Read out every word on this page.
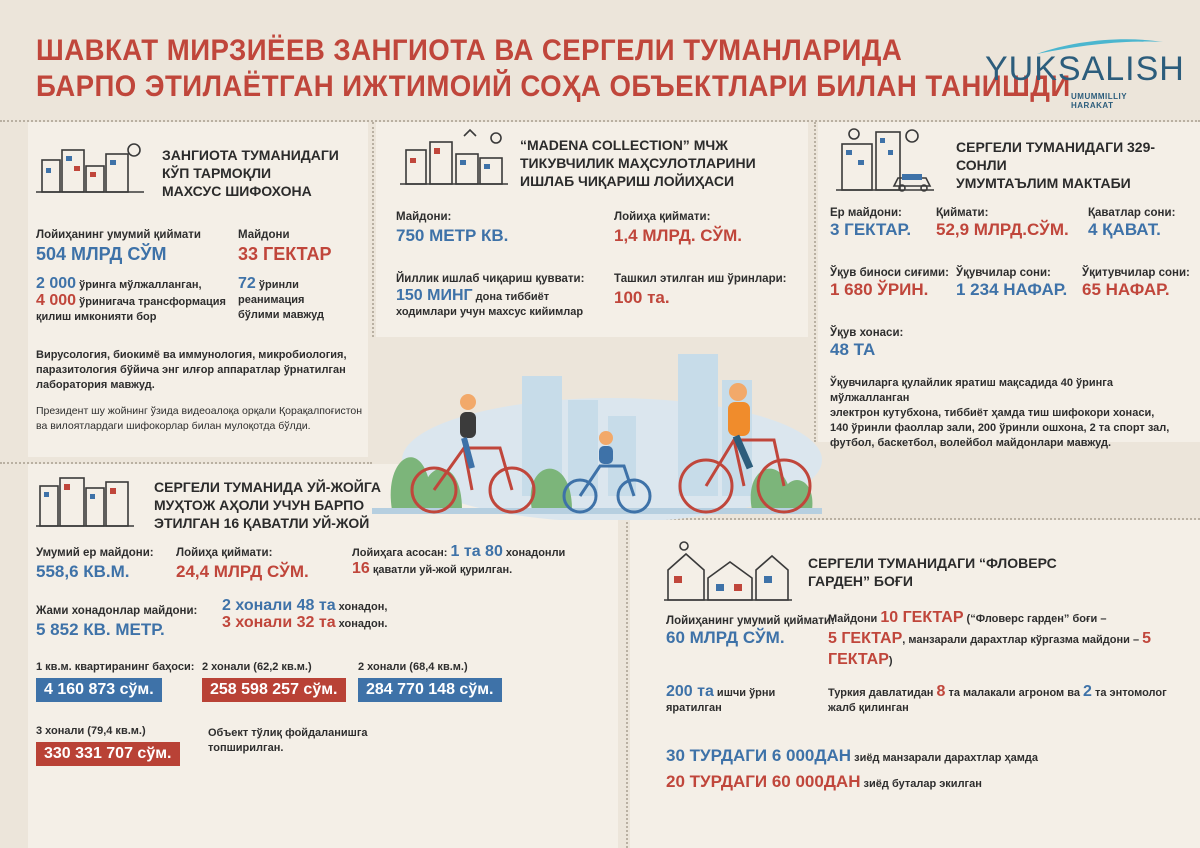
ШАВКАТ МИРЗИЁЕВ ЗАНГИОТА ВА СЕРГЕЛИ ТУМАНЛАРИДА
БАРПО ЭТИЛАЁТГАН ИЖТИМОИЙ СОҲА ОБЪЕКТЛАРИ БИЛАН ТАНИШДИ
YUKSALISH
UMUMMILLIY HARAKAT
ЗАНГИОТА ТУМАНИДАГИ
КЎП ТАРМОҚЛИ
МАХСУС ШИФОХОНА
Лойиҳанинг умумий қиймати
504 МЛРД СЎМ
Майдони
33 ГЕКТАР
2 000 ўринга мўлжалланган,
4 000 ўринигача трансформация
қилиш имконияти бор
72 ўринли реанимация
бўлими мавжуд
Вирусология, биокимё ва иммунология, микробиология,
паразитология бўйича энг илғор аппаратлар ўрнатилган
лаборатория мавжуд.
Президент шу жойнинг ўзида видеоалоқа орқали Қорақалпоғистон
ва вилоятлардаги шифокорлар билан мулоқотда бўлди.
“MADENA COLLECTION” МЧЖ
ТИКУВЧИЛИК МАҲСУЛОТЛАРИНИ
ИШЛАБ ЧИҚАРИШ ЛОЙИҲАСИ
Майдони:
750 МЕТР КВ.
Лойиҳа қиймати:
1,4 МЛРД. СЎМ.
Йиллик ишлаб чиқариш қуввати:
150 МИНГ дона тиббиёт
ходимлари учун махсус кийимлар
Ташкил этилган иш ўринлари:
100 та.
СЕРГЕЛИ ТУМАНИДАГИ 329-СОНЛИ
УМУМТАЪЛИМ МАКТАБИ
Ер майдони:
3 ГЕКТАР.
Қиймати:
52,9 МЛРД.СЎМ.
Қаватлар сони:
4 ҚАВАТ.
Ўқув биноси сиғими:
1 680 ЎРИН.
Ўқувчилар сони:
1 234 НАФАР.
Ўқитувчилар сони:
65 НАФАР.
Ўқув хонаси:
48 ТА
Ўқувчиларга қулайлик яратиш мақсадида 40 ўринга мўлжалланган
электрон кутубхона, тиббиёт ҳамда тиш шифокори хонаси,
140 ўринли фаоллар зали, 200 ўринли ошхона, 2 та спорт зал,
футбол, баскетбол, волейбол майдонлари мавжуд.
СЕРГЕЛИ ТУМАНИДА УЙ-ЖОЙГА
МУҲТОЖ АҲОЛИ УЧУН БАРПО
ЭТИЛГАН 16 ҚАВАТЛИ УЙ-ЖОЙ
Умумий ер майдони:
558,6 КВ.М.
Лойиҳа қиймати:
24,4 МЛРД СЎМ.
Лойиҳага асосан: 1 та 80 хонадонли
16 қаватли уй-жой қурилган.
Жами хонадонлар майдони:
5 852 КВ. МЕТР.
2 хонали 48 та хонадон,
3 хонали 32 та хонадон.
1 кв.м. квартиранинг баҳоси:
4 160 873 сўм.
2 хонали (62,2 кв.м.)
258 598 257 сўм.
2 хонали (68,4 кв.м.)
284 770 148 сўм.
3 хонали (79,4 кв.м.)
330 331 707 сўм.
Объект тўлиқ фойдаланишга
топширилган.
СЕРГЕЛИ ТУМАНИДАГИ “ФЛОВЕРС
ГАРДЕН” БОҒИ
Лойиҳанинг умумий қиймати:
60 МЛРД СЎМ.
Майдони 10 ГЕКТАР (“Фловерс гарден” боғи –
5 ГЕКТАР, манзарали дарахтлар кўргазма майдони – 5 ГЕКТАР)
200 та ишчи ўрни
яратилган
Туркия давлатидан 8 та малакали агроном ва 2 та энтомолог
жалб қилинган
30 ТУРДАГИ 6 000ДАН зиёд манзарали дарахтлар ҳамда
20 ТУРДАГИ 60 000ДАН зиёд буталар экилган
